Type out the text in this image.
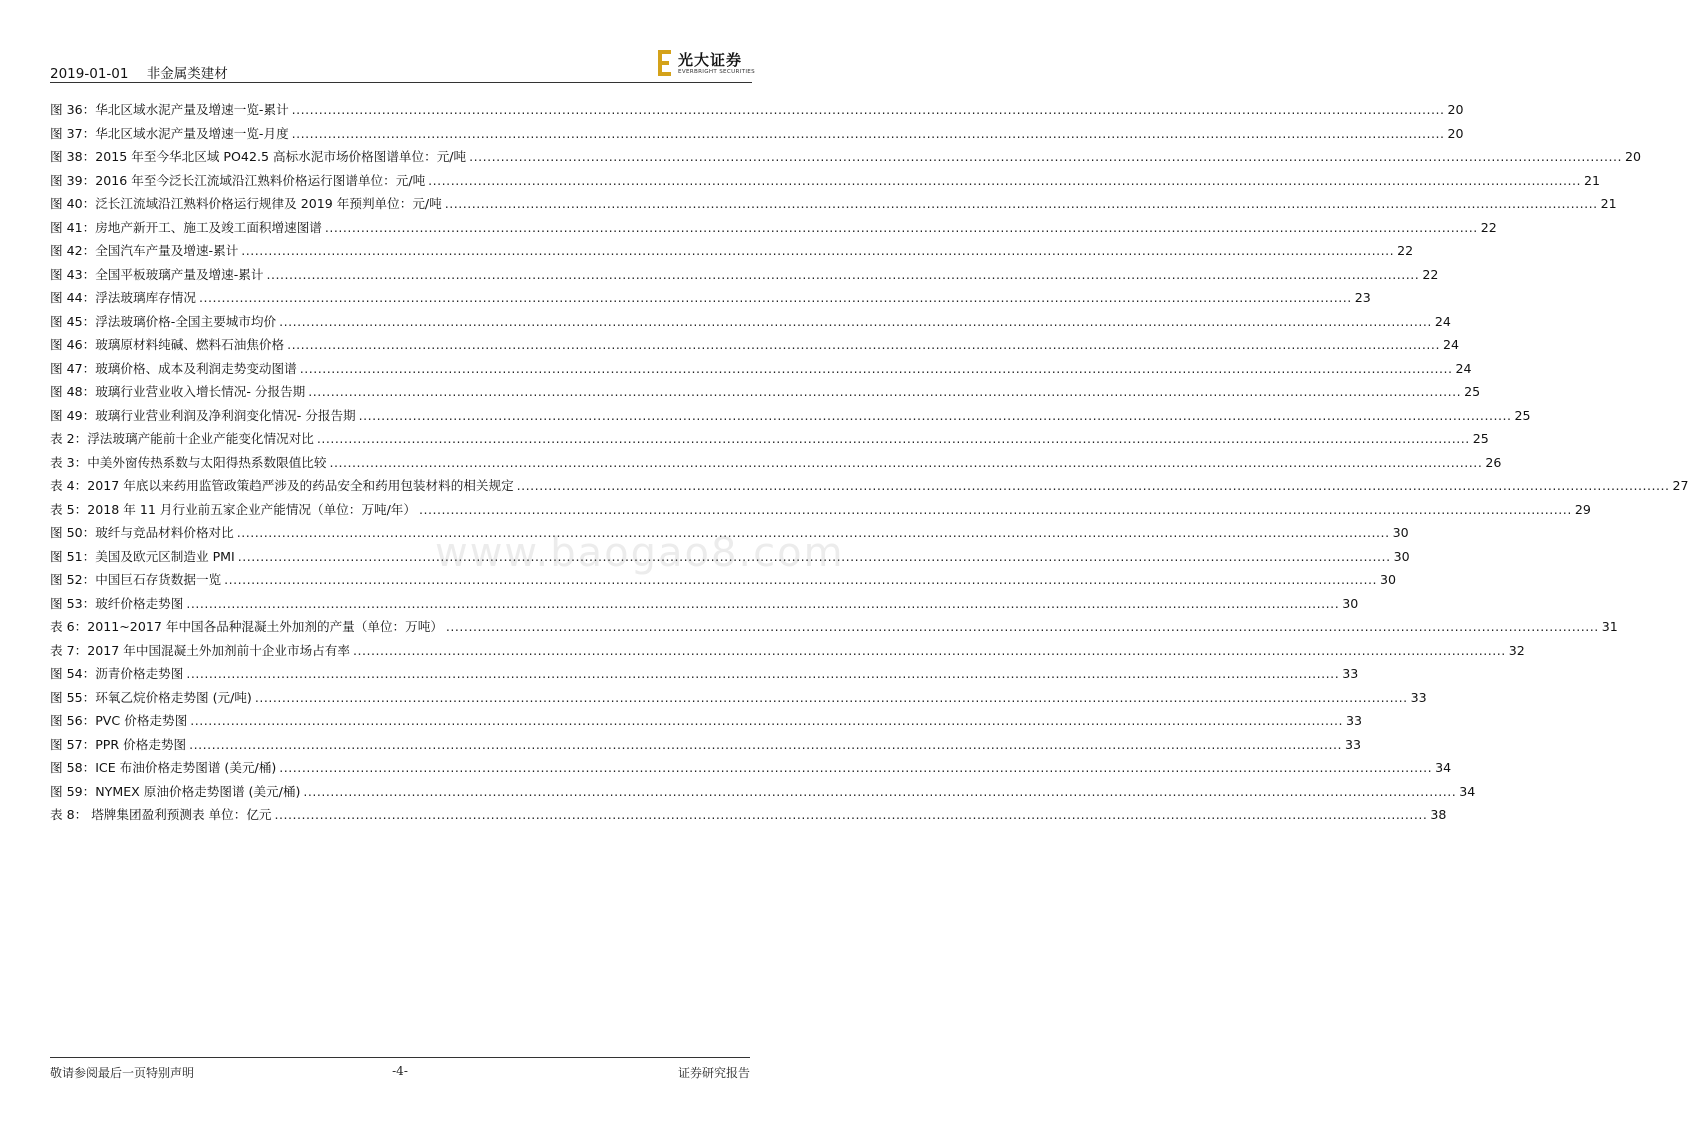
2019-01-01 非金属类建材
光大证券
EVERBRIGHT SECURITIES
图 36：华北区域水泥产量及增速一览-累计 .....	20
图 37：华北区域水泥产量及增速一览-月度 .....	20
图 38：2015 年至今华北区域 PO42.5 高标水泥市场价格图谱单位：元/吨 .....	20
图 39：2016 年至今泛长江流域沿江熟料价格运行图谱单位：元/吨 .....	21
图 40：泛长江流域沿江熟料价格运行规律及 2019 年预判单位：元/吨 .....	21
图 41：房地产新开工、施工及竣工面积增速图谱 .....	22
图 42：全国汽车产量及增速-累计 .....	22
图 43：全国平板玻璃产量及增速-累计 .....	22
图 44：浮法玻璃库存情况 .....	23
图 45：浮法玻璃价格-全国主要城市均价 .....	24
图 46：玻璃原材料纯碱、燃料石油焦价格 .....	24
图 47：玻璃价格、成本及利润走势变动图谱 .....	24
图 48：玻璃行业营业收入增长情况- 分报告期 .....	25
图 49：玻璃行业营业利润及净利润变化情况- 分报告期 .....	25
表 2：浮法玻璃产能前十企业产能变化情况对比 .....	25
表 3：中美外窗传热系数与太阳得热系数限值比较 .....	26
表 4：2017 年底以来药用监管政策趋严涉及的药品安全和药用包装材料的相关规定 .....	27
表 5：2018 年 11 月行业前五家企业产能情况（单位：万吨/年） .....	29
图 50：玻纤与竞品材料价格对比 .....	30
图 51：美国及欧元区制造业 PMI .....	30
图 52：中国巨石存货数据一览 .....	30
图 53：玻纤价格走势图 .....	30
表 6：2011~2017 年中国各品种混凝土外加剂的产量（单位：万吨） .....	31
表 7：2017 年中国混凝土外加剂前十企业市场占有率 .....	32
图 54：沥青价格走势图 .....	33
图 55：环氧乙烷价格走势图 (元/吨) .....	33
图 56：PVC 价格走势图 .....	33
图 57：PPR 价格走势图 .....	33
图 58：ICE 布油价格走势图谱 (美元/桶) .....	34
图 59：NYMEX 原油价格走势图谱 (美元/桶) .....	34
表 8： 塔牌集团盈利预测表 单位：亿元 .....	38
www.baogao8.com
敬请参阅最后一页特别声明	-4-	证券研究报告
